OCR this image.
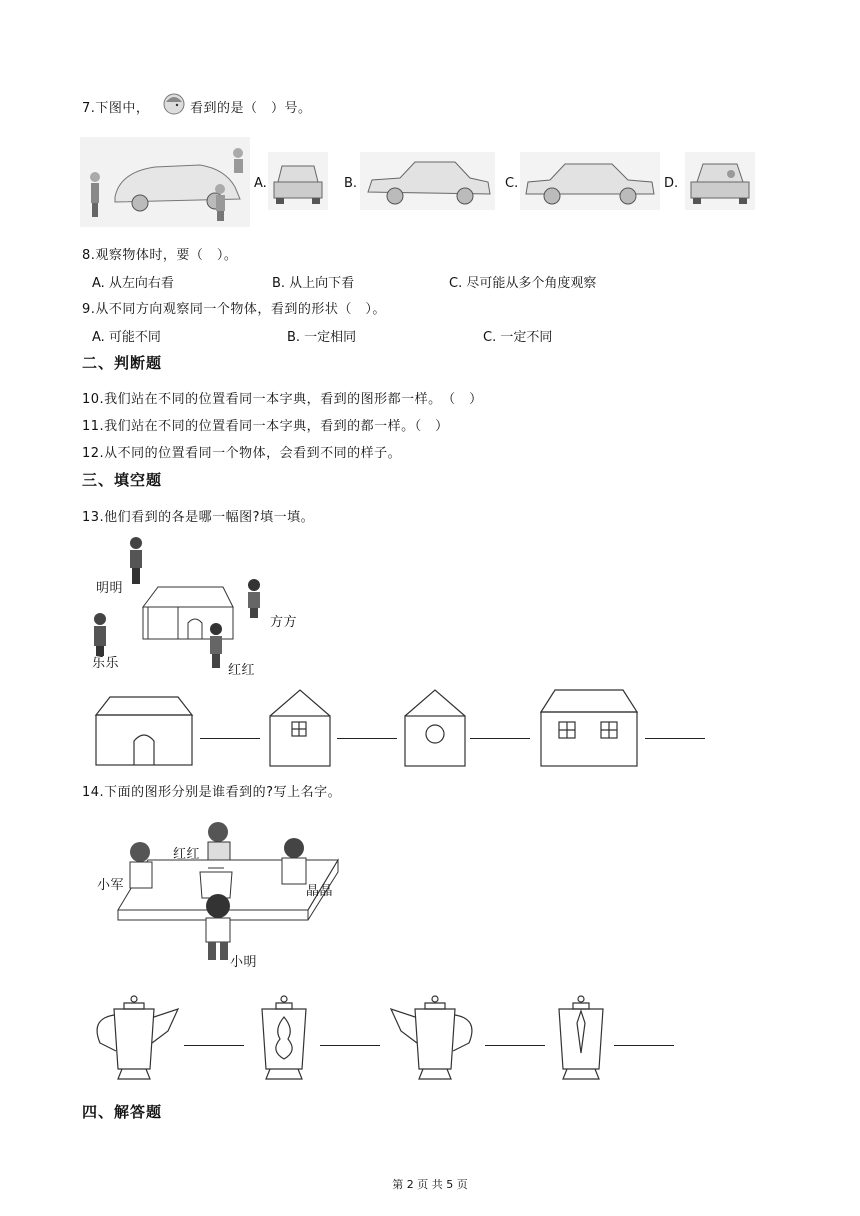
7.下图中，	看到的是（　）号。
A.	B.	C.	D.
8.观察物体时，要（　）。
A. 从左向右看	B. 从上向下看	C. 尽可能从多个角度观察
9.从不同方向观察同一个物体，看到的形状（　）。
A. 可能不同	B. 一定相同	C. 一定不同
二、判断题
10.我们站在不同的位置看同一本字典，看到的图形都一样。　（　）
11.我们站在不同的位置看同一本字典，看到的都一样。（　）
12.从不同的位置看同一个物体，会看到不同的样子。
三、填空题
13.他们看到的各是哪一幅图?填一填。
明明
方方
乐乐	红红
14.下面的图形分别是谁看到的?写上名字。
红红
小军	晶晶
小明
四、解答题
第 2 页 共 5 页
